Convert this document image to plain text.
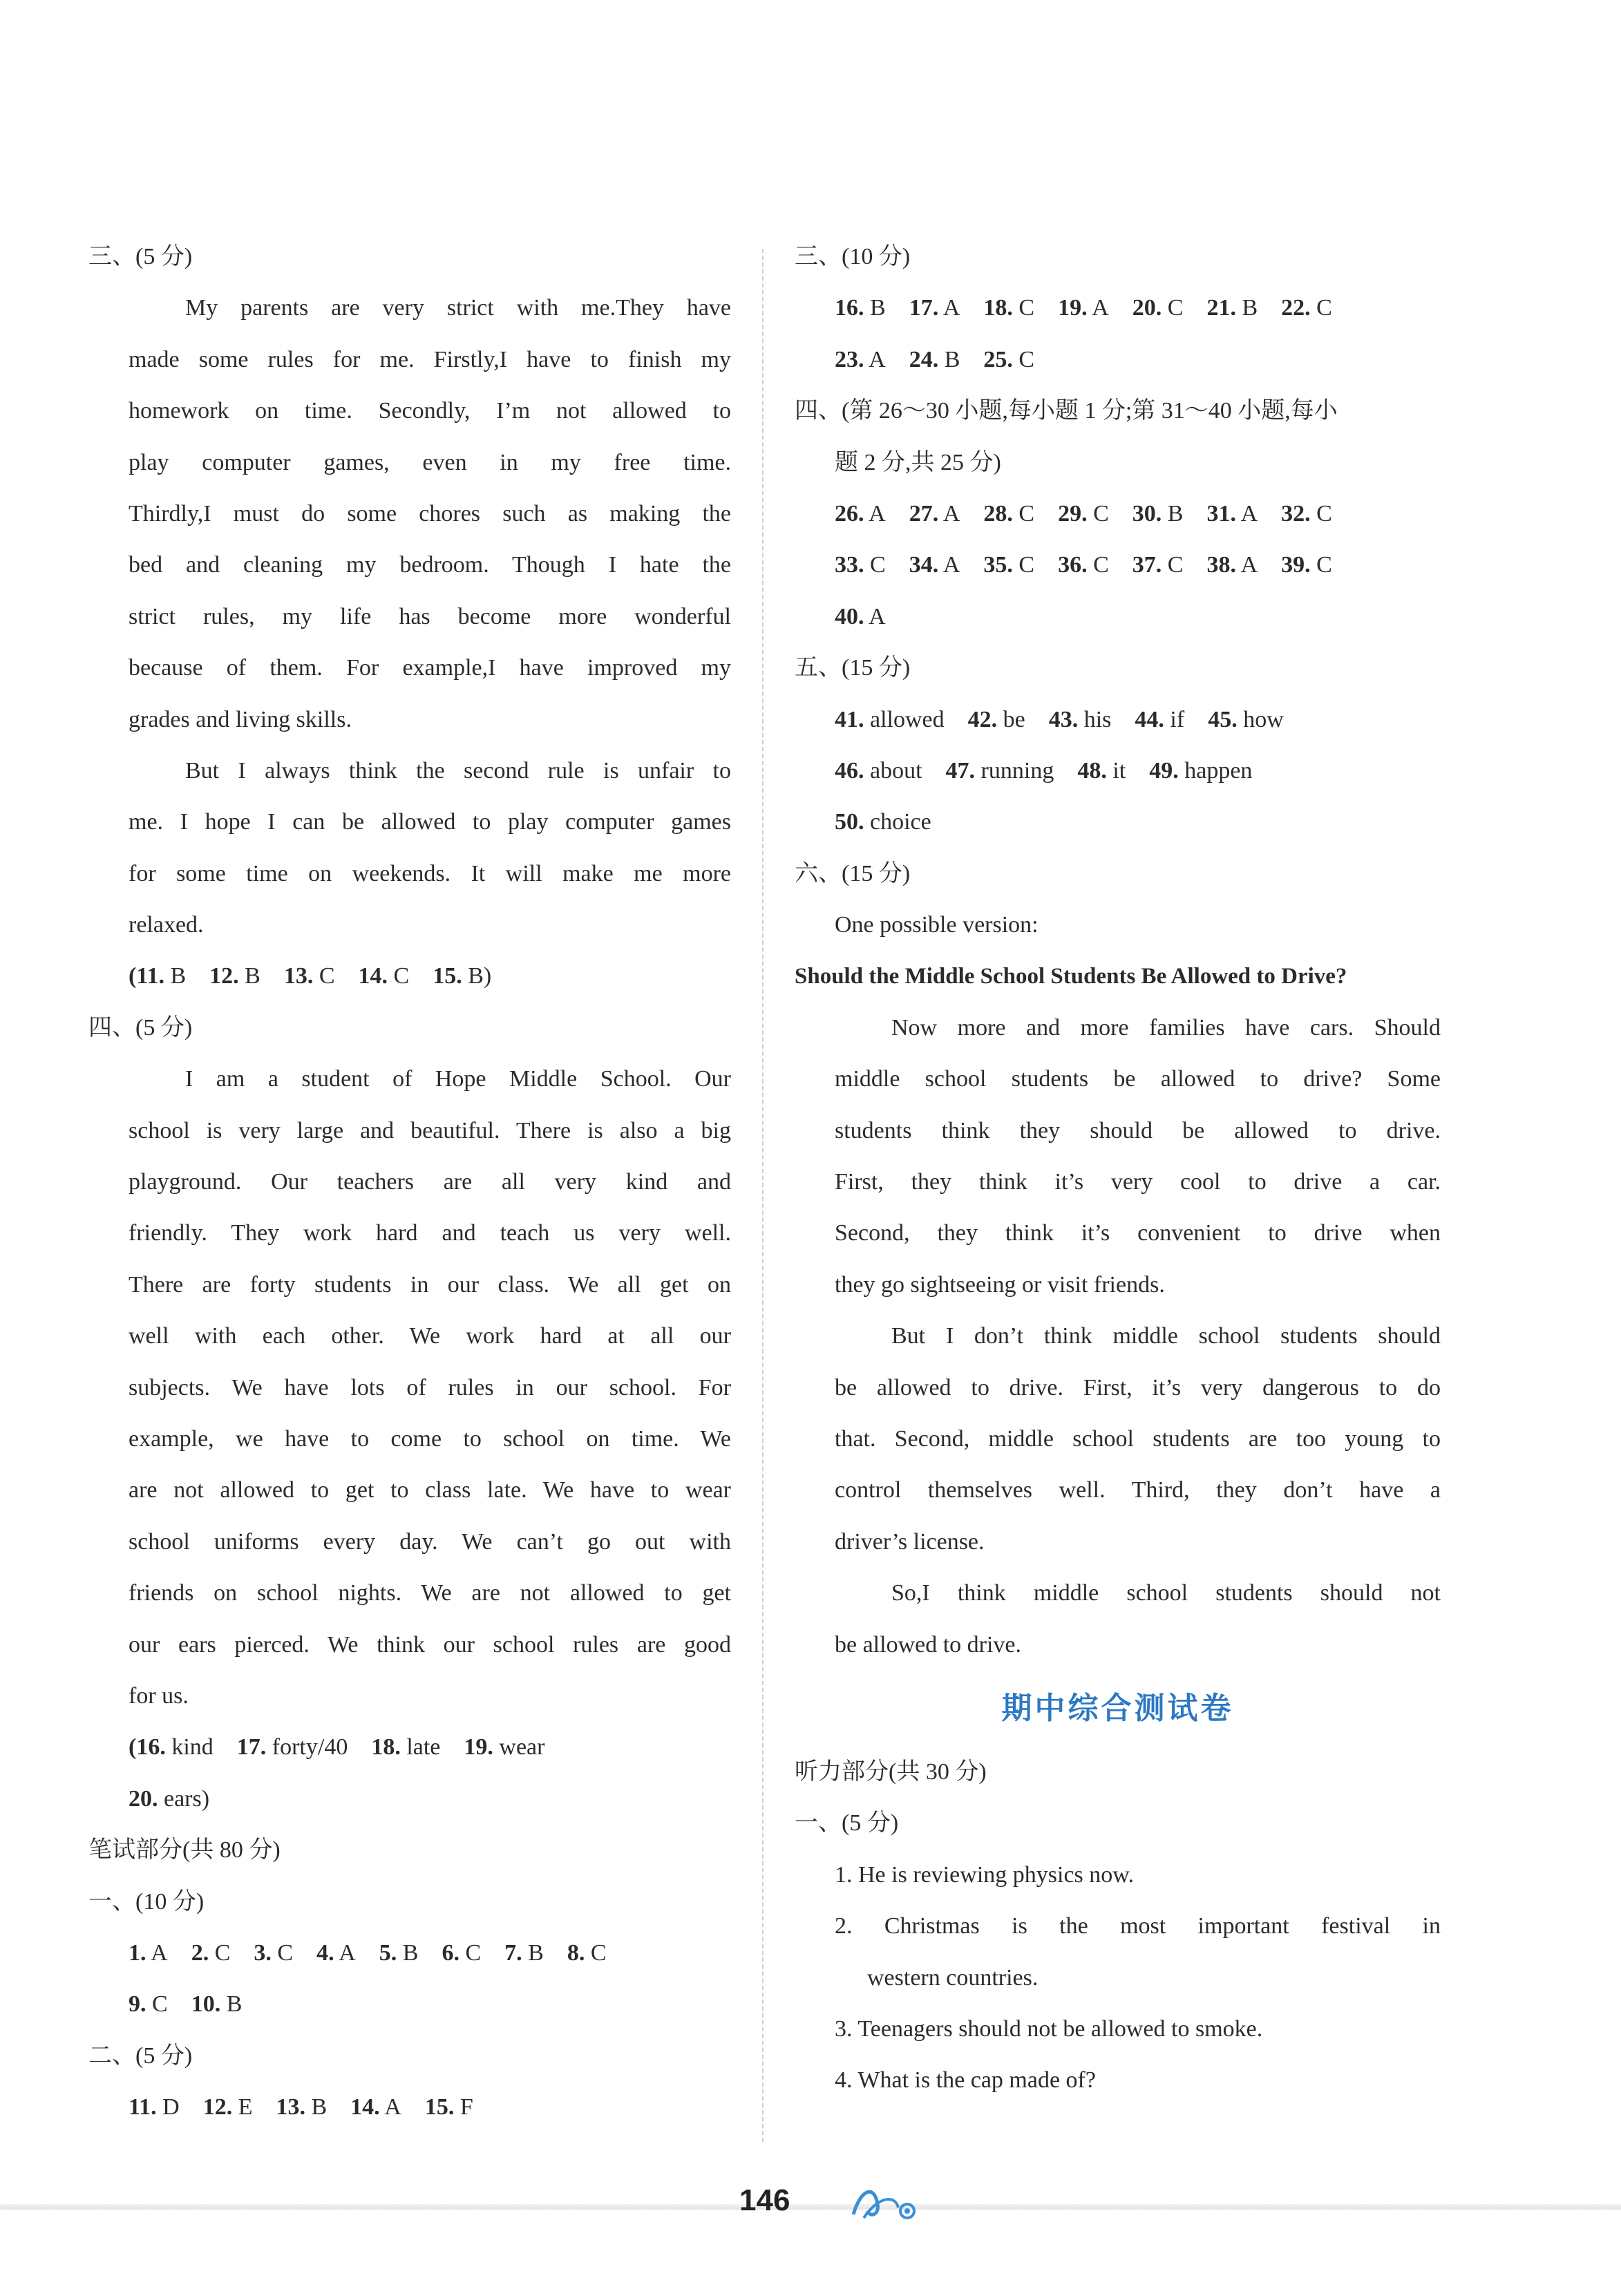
三、(5 分)
My parents are very strict with me.They have
made some rules for me. Firstly,I have to finish my
homework on time. Secondly, I’m not allowed to
play computer games, even in my free time.
Thirdly,I must do some chores such as making the
bed and cleaning my bedroom. Though I hate the
strict rules, my life has become more wonderful
because of them. For example,I have improved my
grades and living skills.
But I always think the second rule is unfair to
me. I hope I can be allowed to play computer games
for some time on weekends. It will make me more
relaxed.
(11. B 12. B 13. C 14. C 15. B)
四、(5 分)
I am a student of Hope Middle School. Our
school is very large and beautiful. There is also a big
playground. Our teachers are all very kind and
friendly. They work hard and teach us very well.
There are forty students in our class. We all get on
well with each other. We work hard at all our
subjects. We have lots of rules in our school. For
example, we have to come to school on time. We
are not allowed to get to class late. We have to wear
school uniforms every day. We can’t go out with
friends on school nights. We are not allowed to get
our ears pierced. We think our school rules are good
for us.
(16. kind 17. forty/40 18. late 19. wear
20. ears)
笔试部分(共 80 分)
一、(10 分)
1. A 2. C 3. C 4. A 5. B 6. C 7. B 8. C
9. C 10. B
二、(5 分)
11. D 12. E 13. B 14. A 15. F
三、(10 分)
16. B 17. A 18. C 19. A 20. C 21. B 22. C
23. A 24. B 25. C
四、(第 26～30 小题,每小题 1 分;第 31～40 小题,每小
题 2 分,共 25 分)
26. A 27. A 28. C 29. C 30. B 31. A 32. C
33. C 34. A 35. C 36. C 37. C 38. A 39. C
40. A
五、(15 分)
41. allowed 42. be 43. his 44. if 45. how
46. about 47. running 48. it 49. happen
50. choice
六、(15 分)
One possible version:
Should the Middle School Students Be Allowed to Drive?
Now more and more families have cars. Should
middle school students be allowed to drive? Some
students think they should be allowed to drive.
First, they think it’s very cool to drive a car.
Second, they think it’s convenient to drive when
they go sightseeing or visit friends.
But I don’t think middle school students should
be allowed to drive. First, it’s very dangerous to do
that. Second, middle school students are too young to
control themselves well. Third, they don’t have a
driver’s license.
So,I think middle school students should not
be allowed to drive.
期中综合测试卷
听力部分(共 30 分)
一、(5 分)
1. He is reviewing physics now.
2. Christmas is the most important festival in
western countries.
3. Teenagers should not be allowed to smoke.
4. What is the cap made of?
146
